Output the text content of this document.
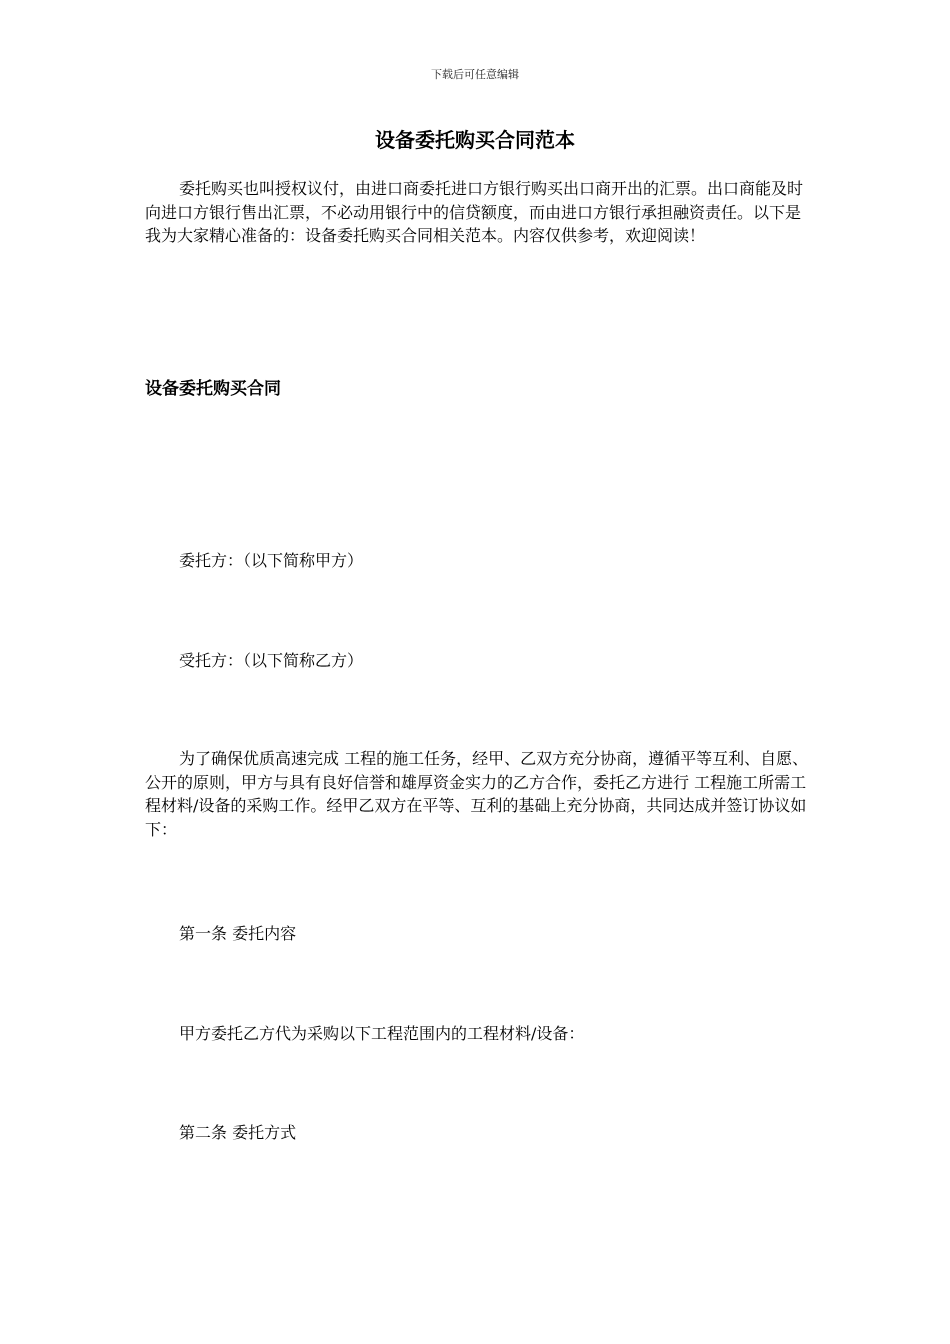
下载后可任意编辑
设备委托购买合同范本

委托购买也叫授权议付，由进口商委托进口方银行购买出口商开出的汇票。出口商能及时向进口方银行售出汇票，不必动用银行中的信贷额度，而由进口方银行承担融资责任。以下是我为大家精心准备的：设备委托购买合同相关范本。内容仅供参考，欢迎阅读！

设备委托购买合同

委托方：（以下简称甲方）

受托方：（以下简称乙方）

为了确保优质高速完成 工程的施工任务，经甲、乙双方充分协商，遵循平等互利、自愿、公开的原则，甲方与具有良好信誉和雄厚资金实力的乙方合作，委托乙方进行 工程施工所需工程材料/设备的采购工作。经甲乙双方在平等、互利的基础上充分协商，共同达成并签订协议如下：

第一条 委托内容

甲方委托乙方代为采购以下工程范围内的工程材料/设备：

第二条 委托方式
